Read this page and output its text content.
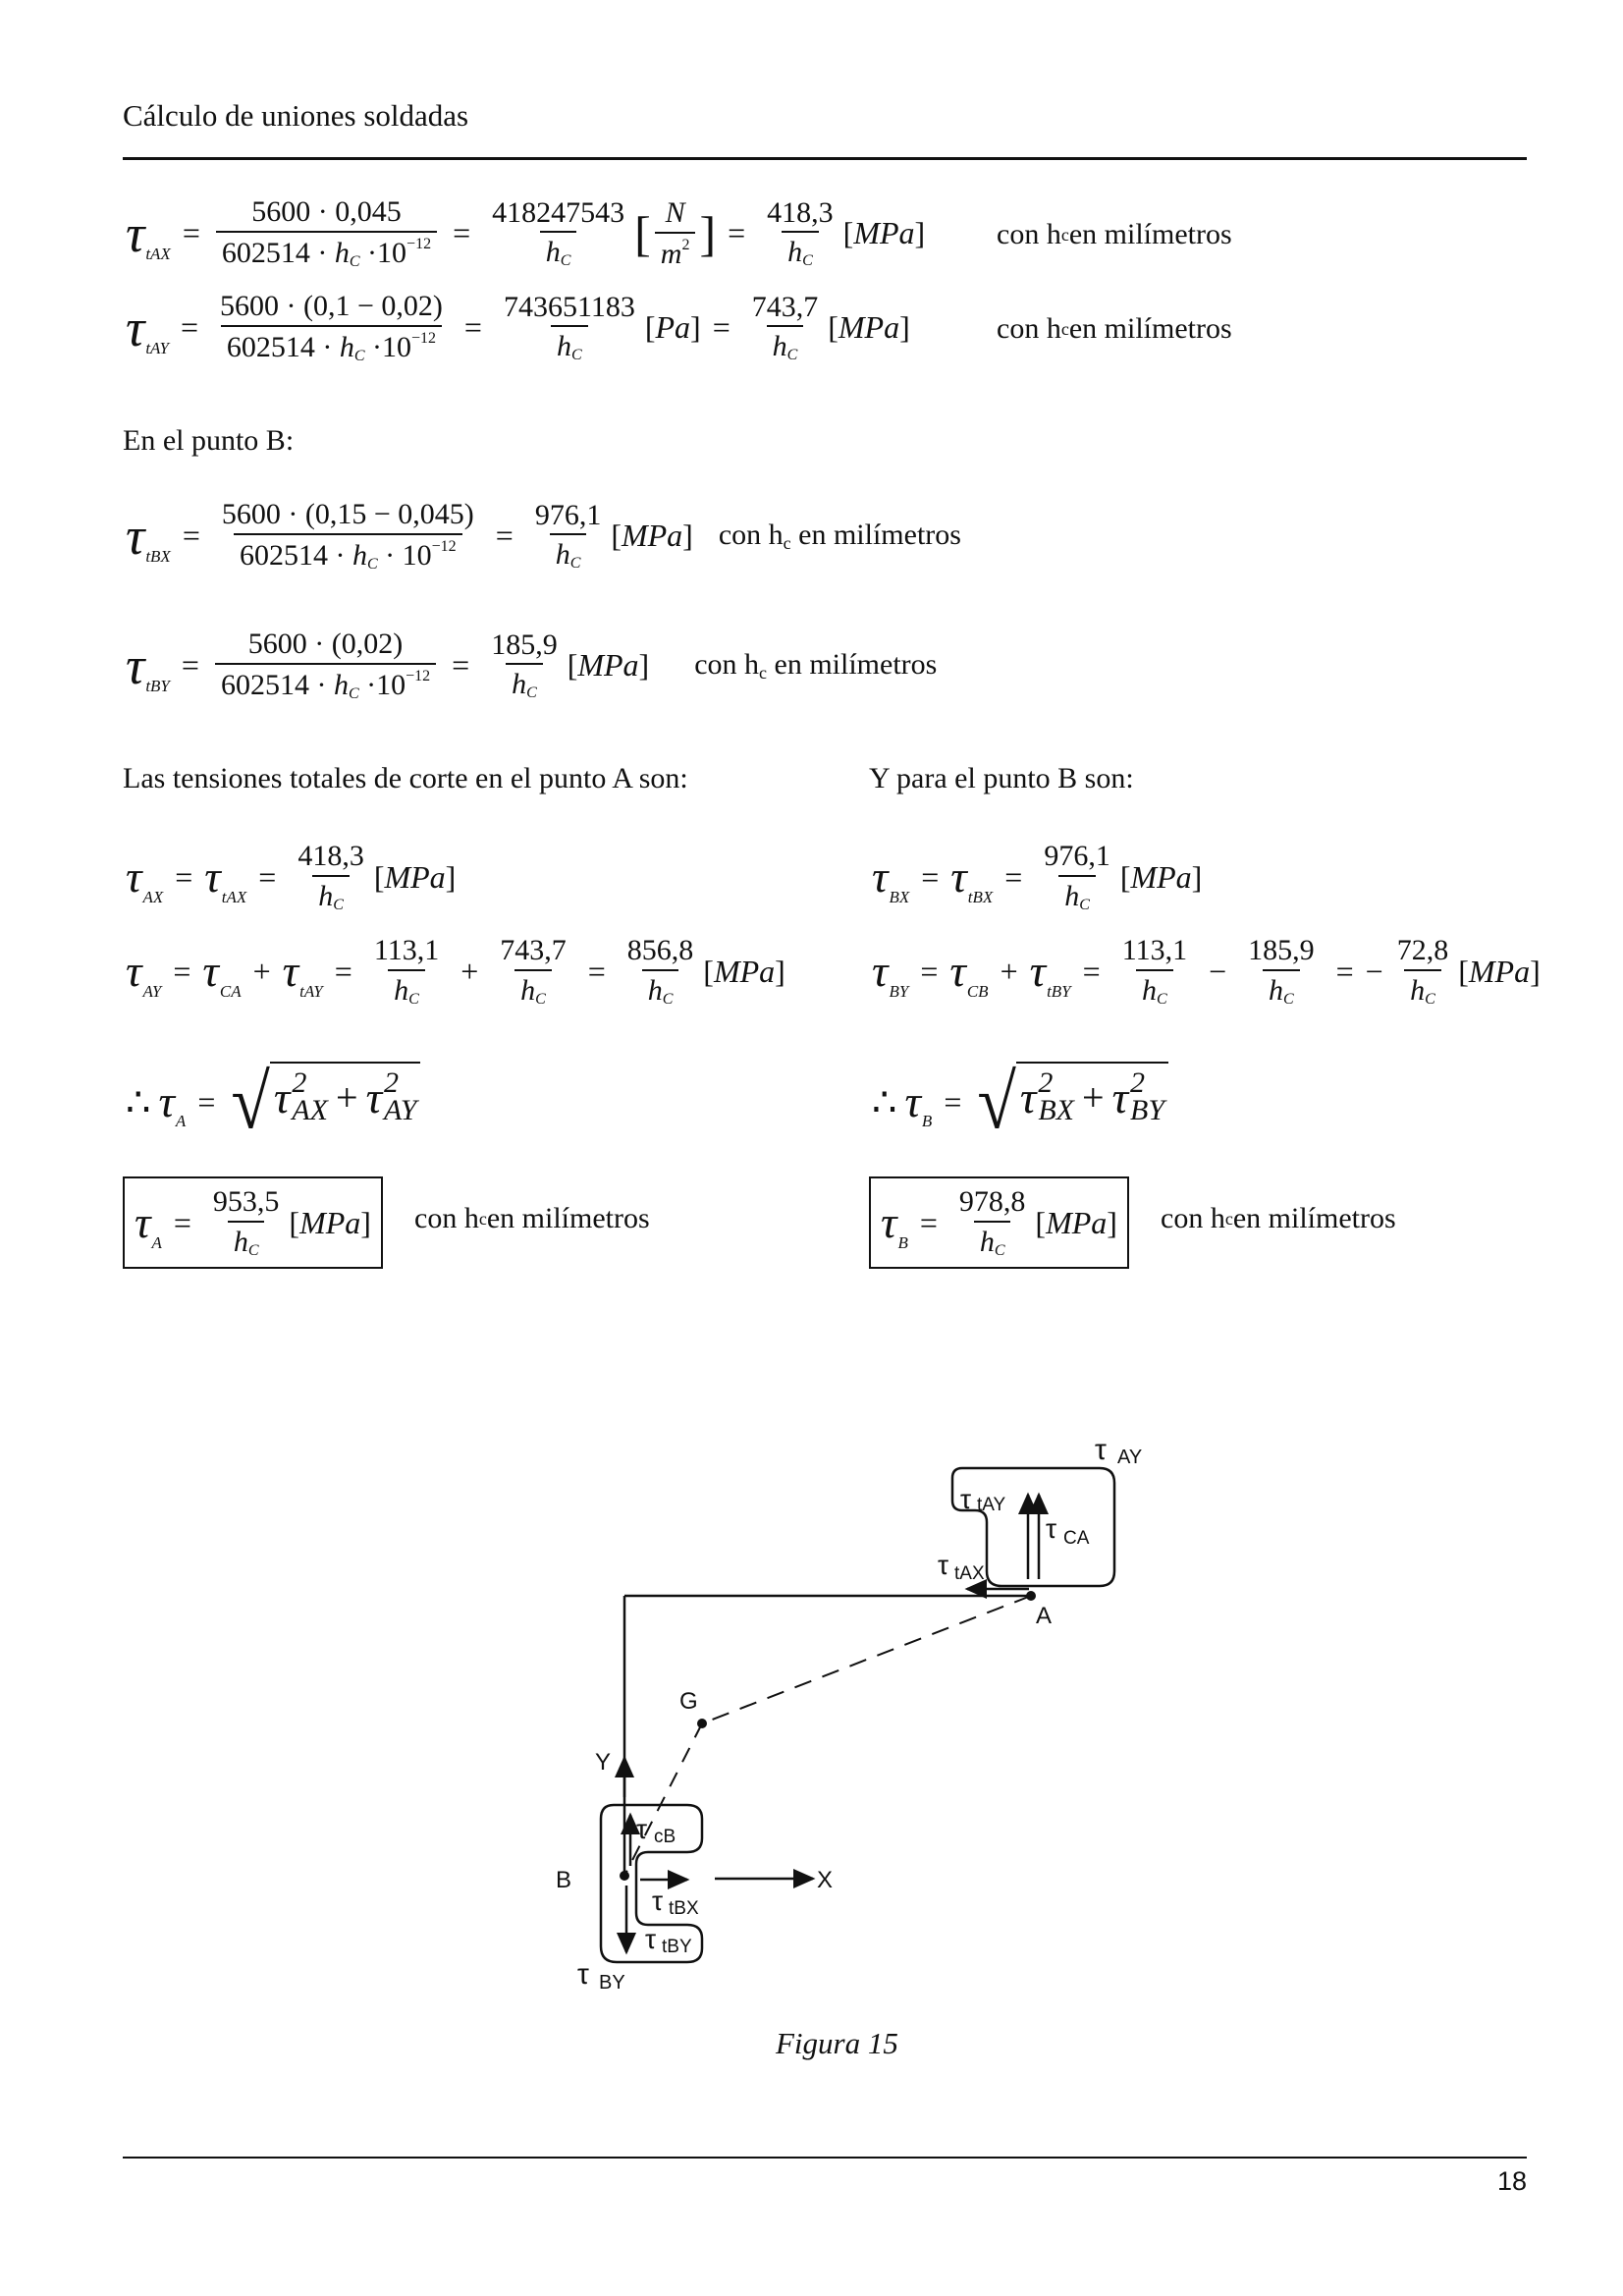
Cálculo de uniones soldadas
τ tAX
= $\frac{5600 \cdot 0,045}{602514 \cdot hC \cdot 10^{-12}} = \frac{418247543}{hC}$ [ $\frac{N}{m^2}$ ] = $\frac{418,3}{hC} [MPa]$ con h c en milímetros
τ tAY
= $\frac{5600 \cdot (0,1 - 0,02)}{602514 \cdot hC \cdot 10^{-12}} = \frac{743651183}{hC} [Pa] = \frac{743,7}{hC} [MPa]$	con h c en milímetros
En el punto B:
τ tBX
= $\frac{5600 \cdot (0,15 - 0,045)}{602514 \cdot hC \cdot 10^{-12}} = \frac{976,1}{hC} [MPa]$ con hc en milímetros
τ tBY
= $\frac{5600 \cdot (0,02)}{602514 \cdot hC \cdot 10^{-12}} = \frac{185,9}{hC} [MPa]$ con hc en milímetros
Las tensiones totales de corte en el punto A son:	Y para el punto B son:
τ AX
= τ tAX
= $\frac{418,3}{hC} [MPa]$
τ AY
= τ CA
+ τ tAY
= $\frac{113,1}{hC} + \frac{743,7}{hC} = \frac{856,8}{hC} [MPa]$
∴ τ A
= √ τ 2
AX + τ 2
AY
τ A
= $\frac{953,5}{hC} [MPa]$ con h c en milímetros
τ BX
= τ tBX
= $\frac{976,1}{hC} [MPa]$
τ BY
= τ CB
+ τ tBY
= $\frac{113,1}{hC} - \frac{185,9}{hC}$ = − $\frac{72,8}{hC} [MPa]$
∴ τ B
= √ τ 2
BX + τ 2
BY
τ B
= $\frac{978,8}{hC} [MPa]$ con h c en milímetros
τ AY
τ tAY
τ CA
τ tAX
A
G
Y
X
τ cB
τ tBX
τ tBY
B
τ BY
Figura 15
18
